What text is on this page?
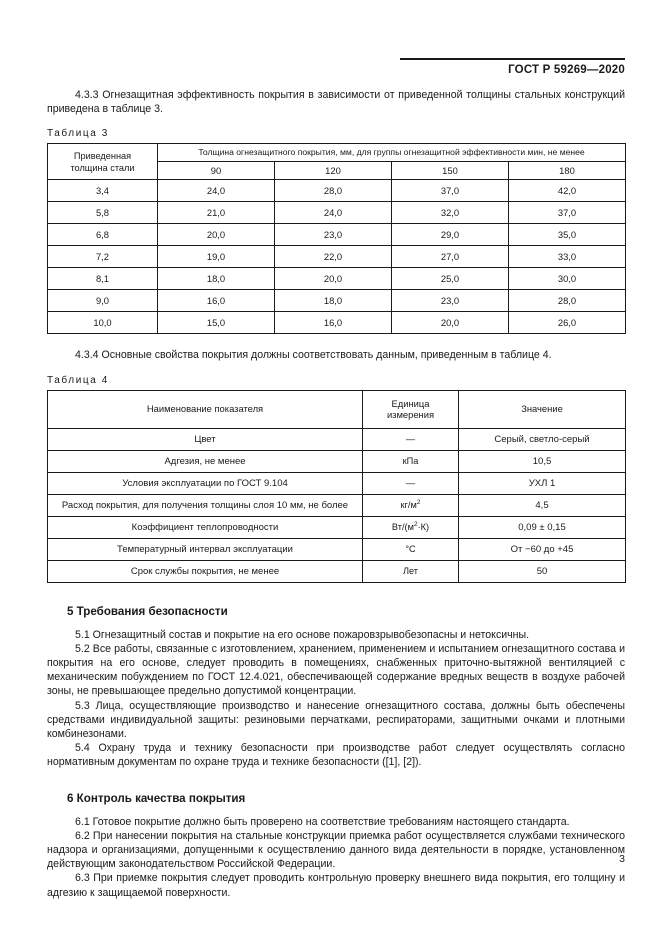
ГОСТ Р 59269—2020

4.3.3 Огнезащитная эффективность покрытия в зависимости от приведенной толщины стальных конструкций приведена в таблице 3.

Таблица 3
Приведенная толщина стали	Толщина огнезащитного покрытия, мм, для группы огнезащитной эффективности мин, не менее			
	90	120	150	180
3,4	24,0	28,0	37,0	42,0
5,8	21,0	24,0	32,0	37,0
6,8	20,0	23,0	29,0	35,0
7,2	19,0	22,0	27,0	33,0
8,1	18,0	20,0	25,0	30,0
9,0	16,0	18,0	23,0	28,0
10,0	15,0	16,0	20,0	26,0

4.3.4 Основные свойства покрытия должны соответствовать данным, приведенным в таблице 4.

Таблица 4
Наименование показателя	Единица измерения	Значение
Цвет	—	Серый, светло-серый
Адгезия, не менее	кПа	10,5
Условия эксплуатации по ГОСТ 9.104	—	УХЛ 1
Расход покрытия, для получения толщины слоя 10 мм, не более	$кг/м^2$	4,5
Коэффициент теплопроводности	$Вт/(м^2\cdot К)$	0,09 ± 0,15
Температурный интервал эксплуатации	°С	От −60 до +45
Срок службы покрытия, не менее	Лет	50
5 Требования безопасности

5.1 Огнезащитный состав и покрытие на его основе пожаровзрывобезопасны и нетоксичны.

5.2 Все работы, связанные с изготовлением, хранением, применением и испытанием огнезащитного состава и покрытия на его основе, следует проводить в помещениях, снабженных приточно-вытяжной вентиляцией с механическим побуждением по ГОСТ 12.4.021, обеспечивающей содержание вредных веществ в воздухе рабочей зоны, не превышающее предельно допустимой концентрации.

5.3 Лица, осуществляющие производство и нанесение огнезащитного состава, должны быть обеспечены средствами индивидуальной защиты: резиновыми перчатками, респираторами, защитными очками и плотными комбинезонами.

5.4 Охрану труда и технику безопасности при производстве работ следует осуществлять согласно нормативным документам по охране труда и технике безопасности ([1], [2]).

6 Контроль качества покрытия

6.1 Готовое покрытие должно быть проверено на соответствие требованиям настоящего стандарта.

6.2 При нанесении покрытия на стальные конструкции приемка работ осуществляется службами технического надзора и организациями, допущенными к осуществлению данного вида деятельности в порядке, установленном действующим законодательством Российской Федерации.

6.3 При приемке покрытия следует проводить контрольную проверку внешнего вида покрытия, его толщину и адгезию к защищаемой поверхности.

3
